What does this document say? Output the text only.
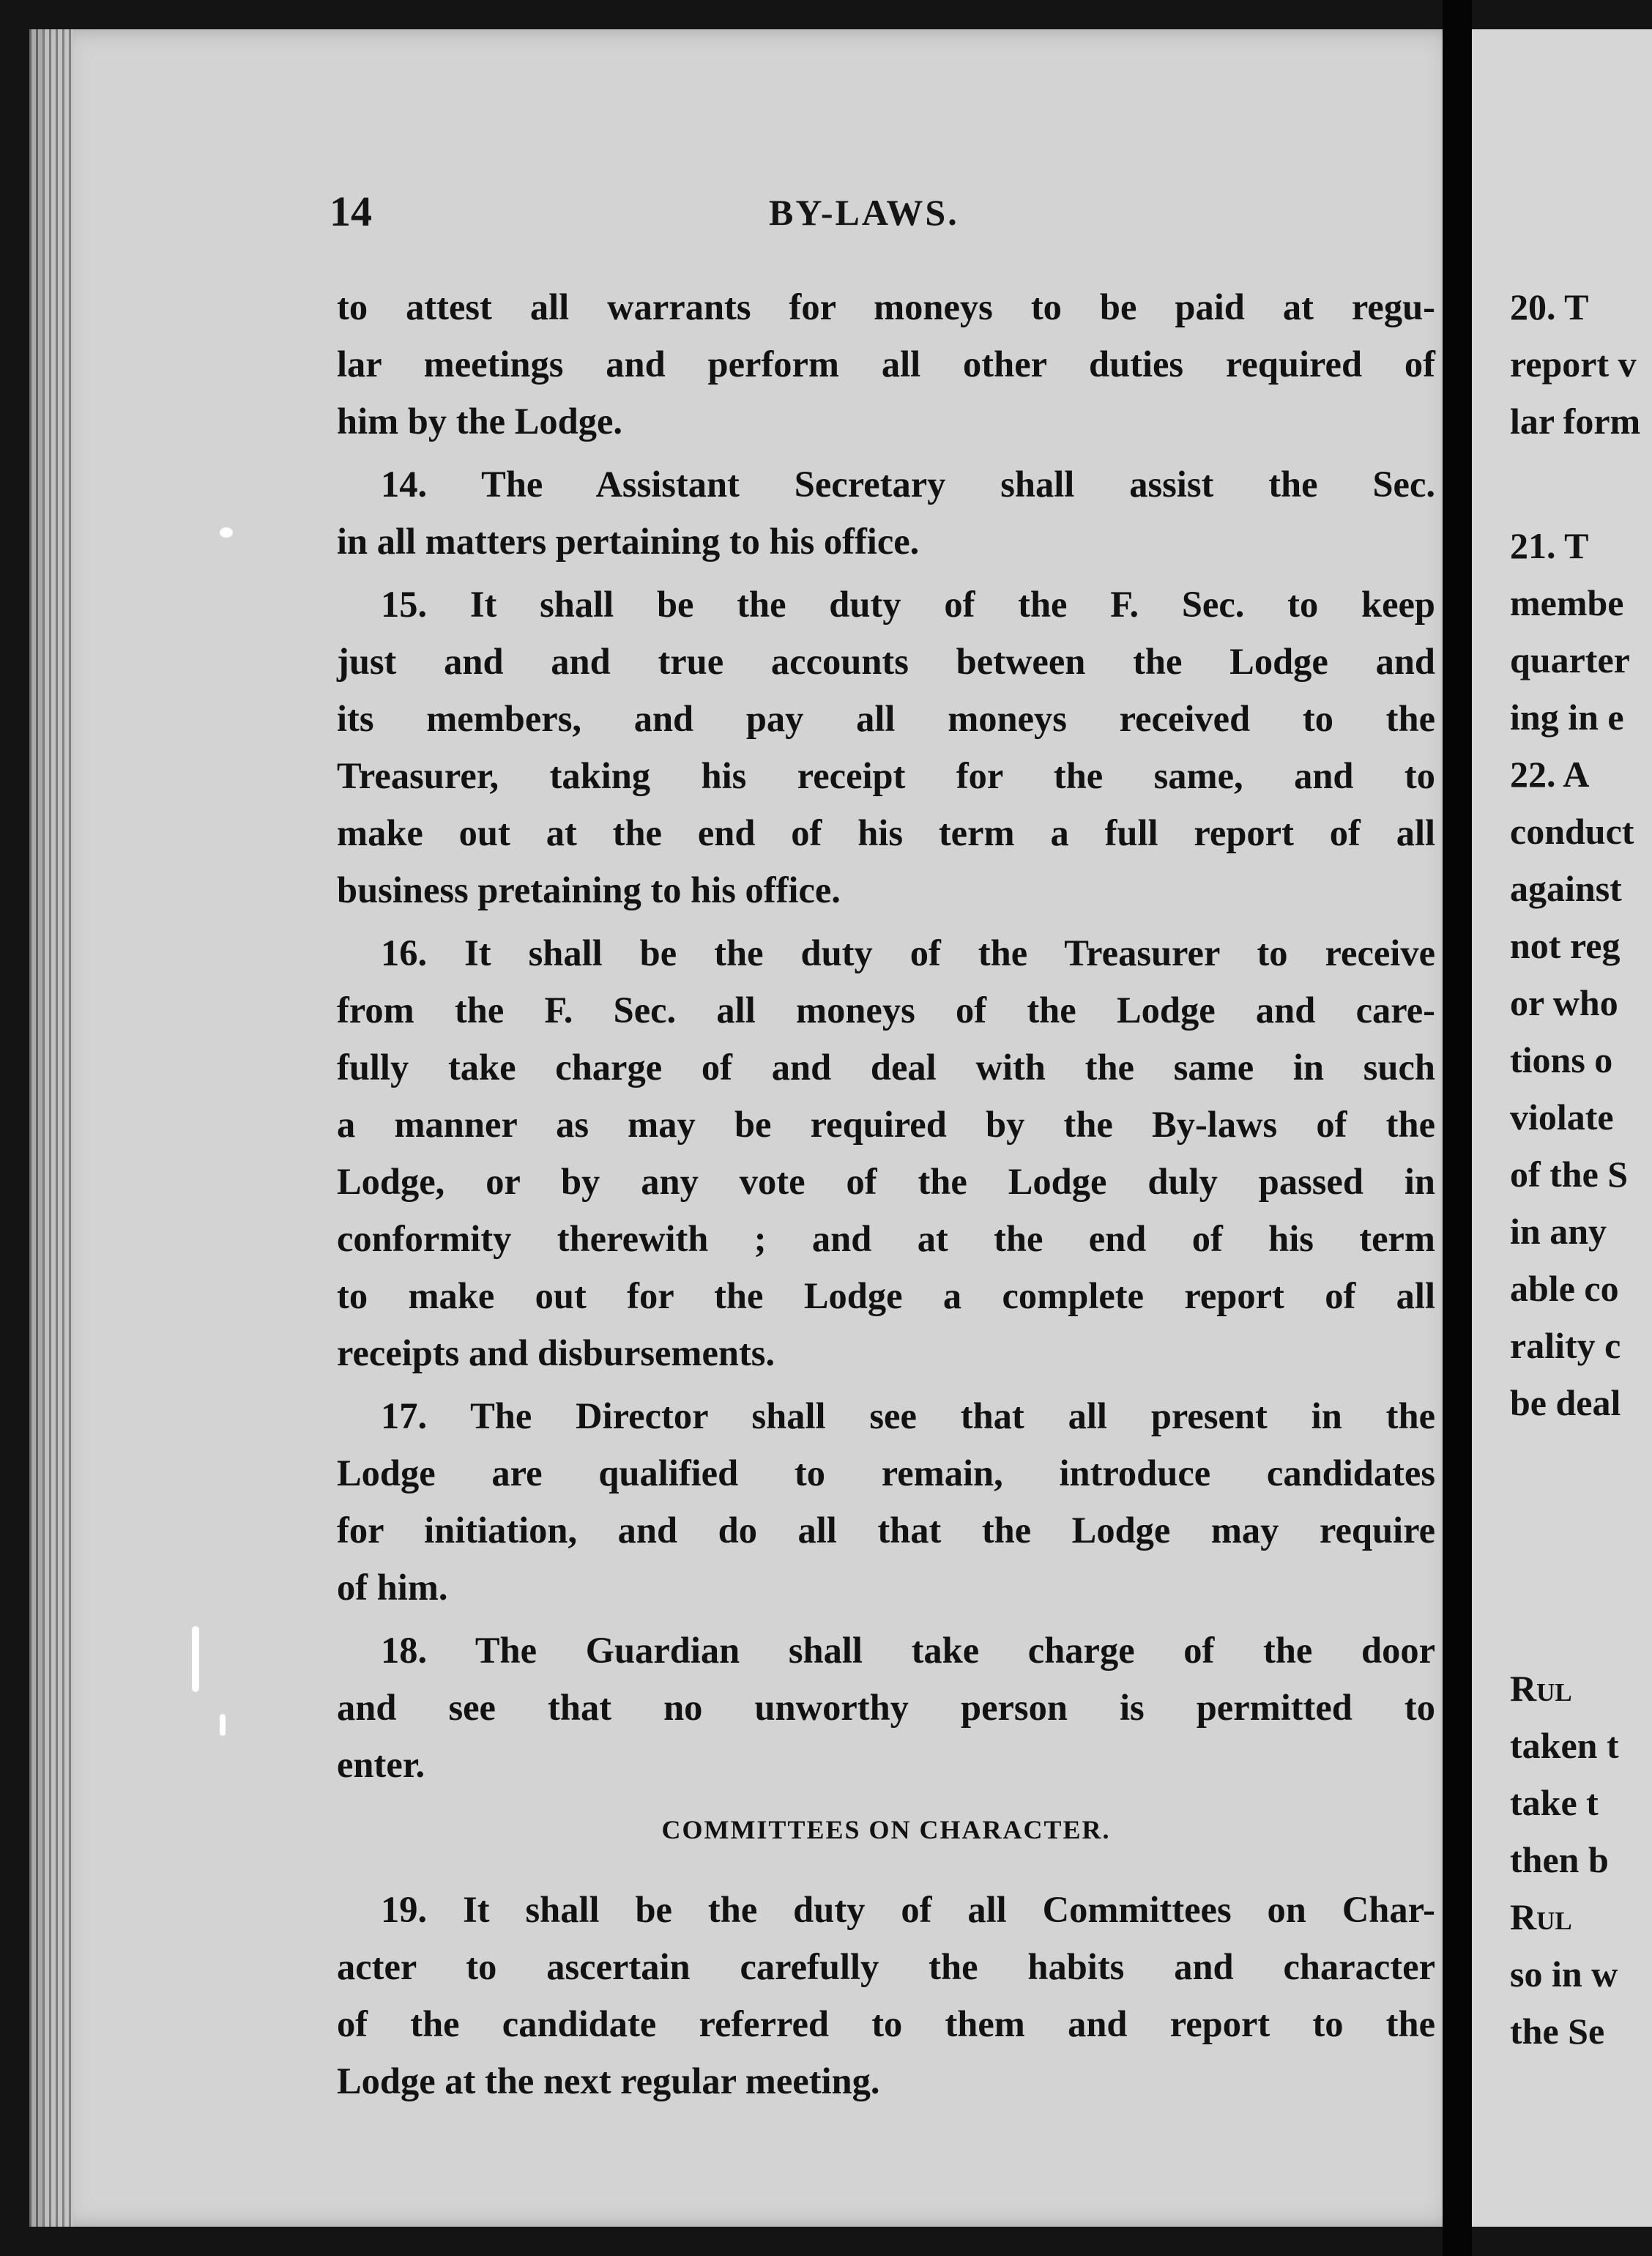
14	BY-LAWS.
to attest all warrants for moneys to be paid at regu-
lar meetings and perform all other duties required of
him by the Lodge.
14. The Assistant Secretary shall assist the Sec.
in all matters pertaining to his office.
15. It shall be the duty of the F. Sec. to keep
just and and true accounts between the Lodge and
its members, and pay all moneys received to the
Treasurer, taking his receipt for the same, and to
make out at the end of his term a full report of all
business pretaining to his office.
16. It shall be the duty of the Treasurer to receive
from the F. Sec. all moneys of the Lodge and care-
fully take charge of and deal with the same in such
a manner as may be required by the By-laws of the
Lodge, or by any vote of the Lodge duly passed in
conformity therewith ; and at the end of his term
to make out for the Lodge a complete report of all
receipts and disbursements.
17. The Director shall see that all present in the
Lodge are qualified to remain, introduce candidates
for initiation, and do all that the Lodge may require
of him.
18. The Guardian shall take charge of the door
and see that no unworthy person is permitted to
enter.
COMMITTEES ON CHARACTER.
19. It shall be the duty of all Committees on Char-
acter to ascertain carefully the habits and character
of the candidate referred to them and report to the
Lodge at the next regular meeting.
20. T
report v
lar form
21. T
membe
quarter
ing in e
22. A
conduct
against
not reg
or who
tions o
violate
of the S
in any
able co
rality c
be deal
Rul
taken t
take t
then b
Rul
so in w
the Se
